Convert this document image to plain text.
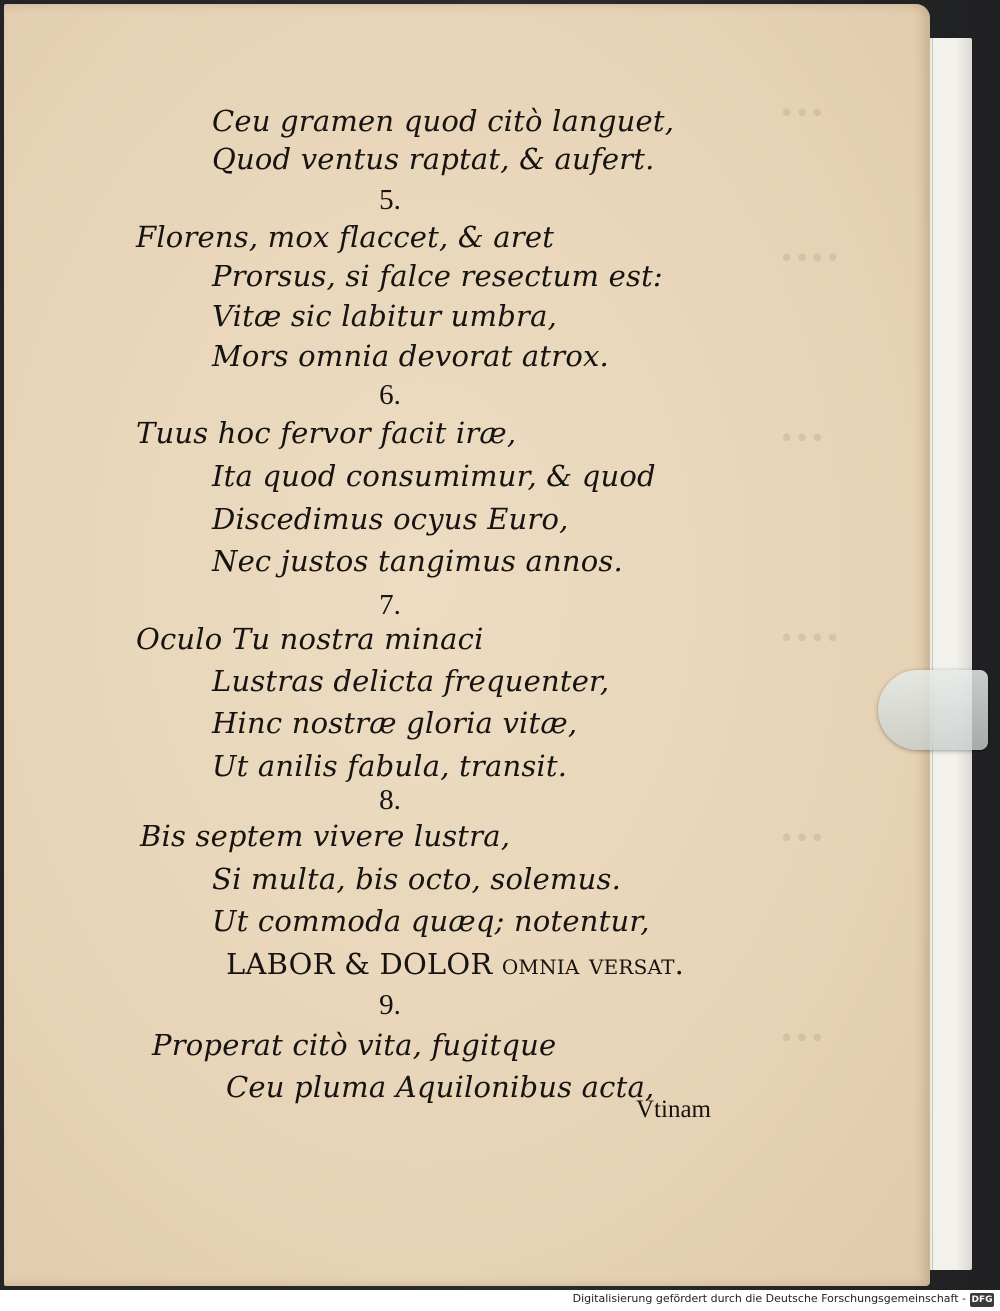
•••
••••
•••
••••
•••
•••
Ceu gramen quod citò languet,
Quod ventus raptat, & aufert.
5.
Florens, mox flaccet, & aret
Prorsus, si falce resectum est:
Vitæ sic labitur umbra,
Mors omnia devorat atrox.
6.
Tuus hoc fervor facit iræ,
Ita quod consumimur, & quod
Discedimus ocyus Euro,
Nec justos tangimus annos.
7.
Oculo Tu nostra minaci
Lustras delicta frequenter,
Hinc nostræ gloria vitæ,
Ut anilis fabula, transit.
8.
Bis septem vivere lustra,
Si multa, bis octo, solemus.
Ut commoda quæq; notentur,
LABOR & DOLOR omnia versat.
9.
Properat citò vita, fugitque
Ceu pluma Aquilonibus acta,
Vtinam
Digitalisierung gefördert durch die Deutsche Forschungsgemeinschaft - DFG
